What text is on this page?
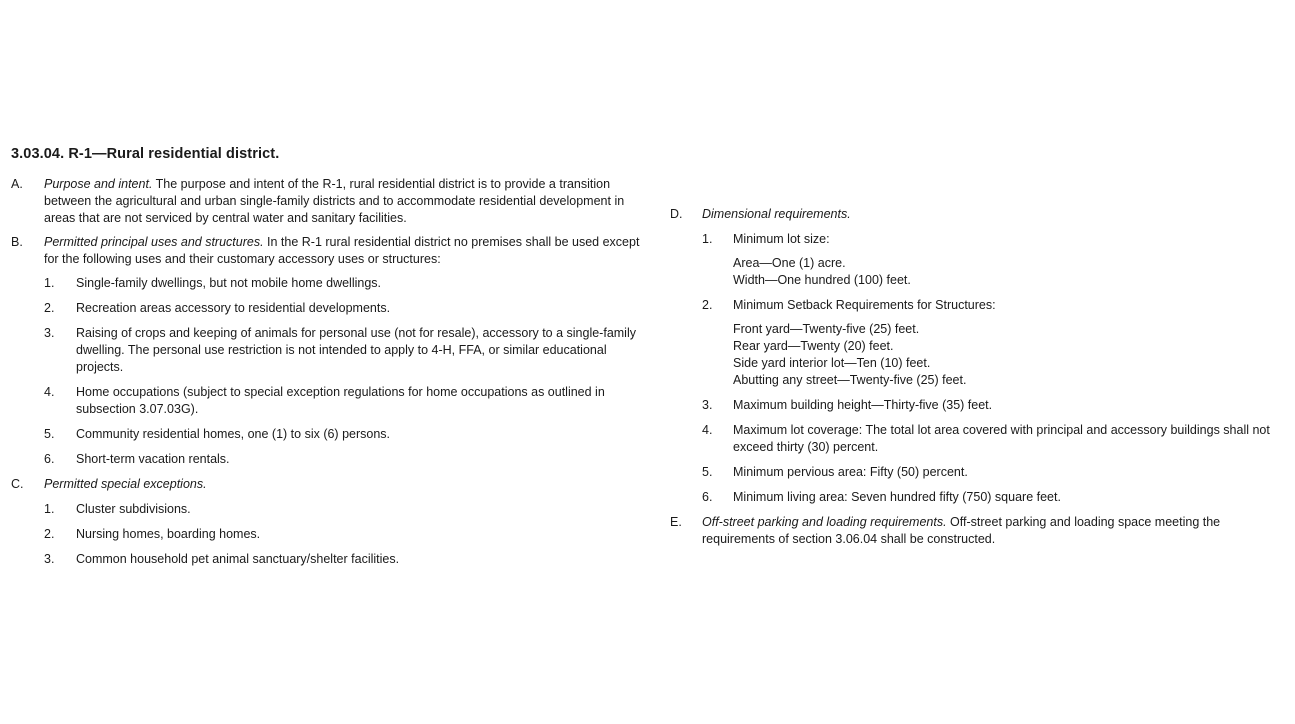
3.03.04. R-1—Rural residential district.
A. Purpose and intent. The purpose and intent of the R-1, rural residential district is to provide a transition between the agricultural and urban single-family districts and to accommodate residential development in areas that are not serviced by central water and sanitary facilities.
B. Permitted principal uses and structures. In the R-1 rural residential district no premises shall be used except for the following uses and their customary accessory uses or structures:
1. Single-family dwellings, but not mobile home dwellings.
2. Recreation areas accessory to residential developments.
3. Raising of crops and keeping of animals for personal use (not for resale), accessory to a single-family dwelling. The personal use restriction is not intended to apply to 4-H, FFA, or similar educational projects.
4. Home occupations (subject to special exception regulations for home occupations as outlined in subsection 3.07.03G).
5. Community residential homes, one (1) to six (6) persons.
6. Short-term vacation rentals.
C. Permitted special exceptions.
1. Cluster subdivisions.
2. Nursing homes, boarding homes.
3. Common household pet animal sanctuary/shelter facilities.
D. Dimensional requirements.
1. Minimum lot size:
Area—One (1) acre.
Width—One hundred (100) feet.
2. Minimum Setback Requirements for Structures:
Front yard—Twenty-five (25) feet.
Rear yard—Twenty (20) feet.
Side yard interior lot—Ten (10) feet.
Abutting any street—Twenty-five (25) feet.
3. Maximum building height—Thirty-five (35) feet.
4. Maximum lot coverage: The total lot area covered with principal and accessory buildings shall not exceed thirty (30) percent.
5. Minimum pervious area: Fifty (50) percent.
6. Minimum living area: Seven hundred fifty (750) square feet.
E. Off-street parking and loading requirements. Off-street parking and loading space meeting the requirements of section 3.06.04 shall be constructed.
